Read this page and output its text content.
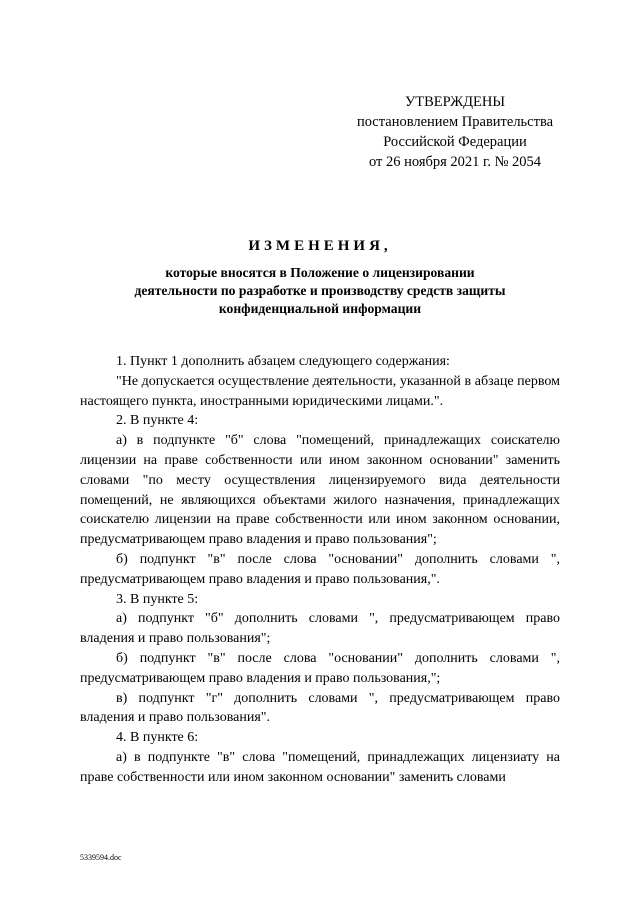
УТВЕРЖДЕНЫ
постановлением Правительства
Российской Федерации
от 26 ноября 2021 г. № 2054
ИЗМЕНЕНИЯ,
которые вносятся в Положение о лицензировании
деятельности по разработке и производству средств защиты
конфиденциальной информации

1. Пункт 1 дополнить абзацем следующего содержания:

"Не допускается осуществление деятельности, указанной в абзаце первом настоящего пункта, иностранными юридическими лицами.".

2. В пункте 4:

а) в подпункте "б" слова "помещений, принадлежащих соискателю лицензии на праве собственности или ином законном основании" заменить словами "по месту осуществления лицензируемого вида деятельности помещений, не являющихся объектами жилого назначения, принадлежащих соискателю лицензии на праве собственности или ином законном основании, предусматривающем право владения и право пользования";

б) подпункт "в" после слова "основании" дополнить словами ", предусматривающем право владения и право пользования,".

3. В пункте 5:

а) подпункт "б" дополнить словами ", предусматривающем право владения и право пользования";

б) подпункт "в" после слова "основании" дополнить словами ", предусматривающем право владения и право пользования,";

в) подпункт "г" дополнить словами ", предусматривающем право владения и право пользования".

4. В пункте 6:

а) в подпункте "в" слова "помещений, принадлежащих лицензиату на праве собственности или ином законном основании" заменить словами

5339594.doc
